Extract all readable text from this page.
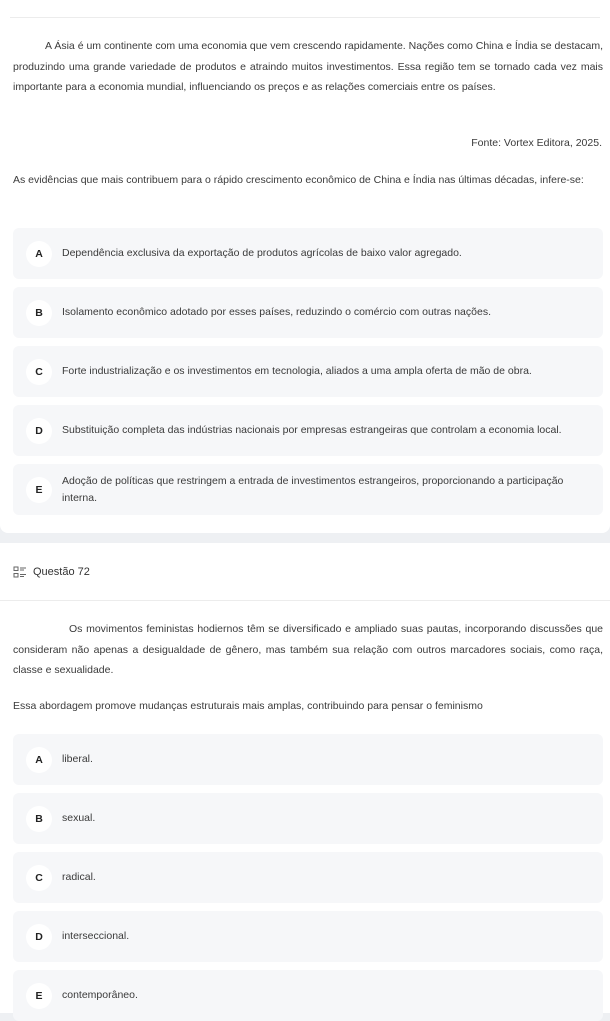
A Ásia é um continente com uma economia que vem crescendo rapidamente. Nações como China e Índia se destacam, produzindo uma grande variedade de produtos e atraindo muitos investimentos. Essa região tem se tornado cada vez mais importante para a economia mundial, influenciando os preços e as relações comerciais entre os países.

Fonte: Vortex Editora, 2025.

As evidências que mais contribuem para o rápido crescimento econômico de China e Índia nas últimas décadas, infere-se:

A	Dependência exclusiva da exportação de produtos agrícolas de baixo valor agregado.
B	Isolamento econômico adotado por esses países, reduzindo o comércio com outras nações.
C	Forte industrialização e os investimentos em tecnologia, aliados a uma ampla oferta de mão de obra.
D	Substituição completa das indústrias nacionais por empresas estrangeiras que controlam a economia local.
E
Adoção de políticas que restringem a entrada de investimentos estrangeiros, proporcionando a participação interna.
Questão 72

Os movimentos feministas hodiernos têm se diversificado e ampliado suas pautas, incorporando discussões que consideram não apenas a desigualdade de gênero, mas também sua relação com outros marcadores sociais, como raça, classe e sexualidade.

Essa abordagem promove mudanças estruturais mais amplas, contribuindo para pensar o feminismo

A	liberal.
B	sexual.
C	radical.
D	interseccional.
E	contemporâneo.
